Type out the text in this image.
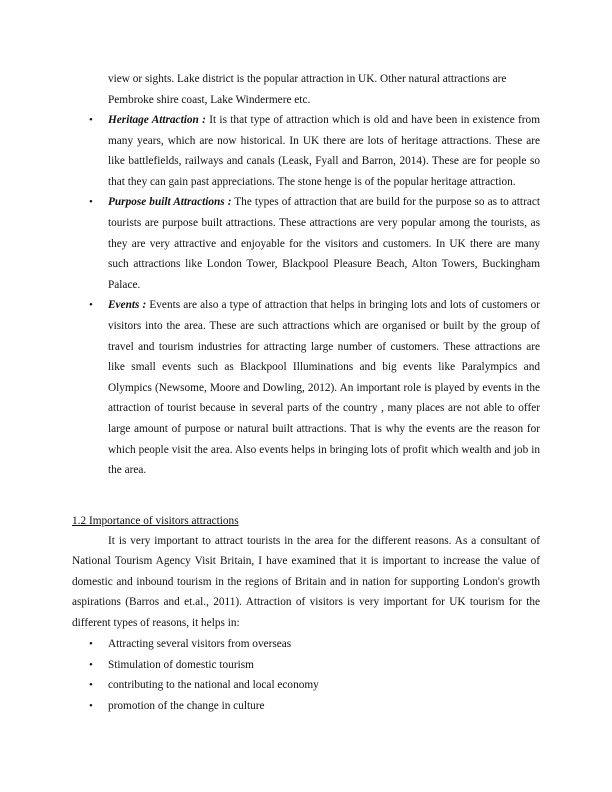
view or sights. Lake district is the popular attraction in UK. Other natural attractions are
Pembroke shire coast, Lake Windermere etc.

• Heritage Attraction : It is that type of attraction which is old and have been in existence from many years, which are now historical. In UK there are lots of heritage attractions. These are like battlefields, railways and canals (Leask, Fyall and Barron, 2014). These are for people so that they can gain past appreciations. The stone henge is of the popular heritage attraction.
• Purpose built Attractions : The types of attraction that are build for the purpose so as to attract tourists are purpose built attractions. These attractions are very popular among the tourists, as they are very attractive and enjoyable for the visitors and customers. In UK there are many such attractions like London Tower, Blackpool Pleasure Beach, Alton Towers, Buckingham Palace.
• Events : Events are also a type of attraction that helps in bringing lots and lots of customers or visitors into the area. These are such attractions which are organised or built by the group of travel and tourism industries for attracting large number of customers. These attractions are like small events such as Blackpool Illuminations and big events like Paralympics and Olympics (Newsome, Moore and Dowling, 2012). An important role is played by events in the attraction of tourist because in several parts of the country , many places are not able to offer large amount of purpose or natural built attractions. That is why the events are the reason for which people visit the area. Also events helps in bringing lots of profit which wealth and job in the area.
1.2 Importance of visitors attractions

It is very important to attract tourists in the area for the different reasons. As a consultant of National Tourism Agency Visit Britain, I have examined that it is important to increase the value of domestic and inbound tourism in the regions of Britain and in nation for supporting London's growth aspirations (Barros and et.al., 2011). Attraction of visitors is very important for UK tourism for the different types of reasons, it helps in:

• Attracting several visitors from overseas
• Stimulation of domestic tourism
• contributing to the national and local economy
• promotion of the change in culture
